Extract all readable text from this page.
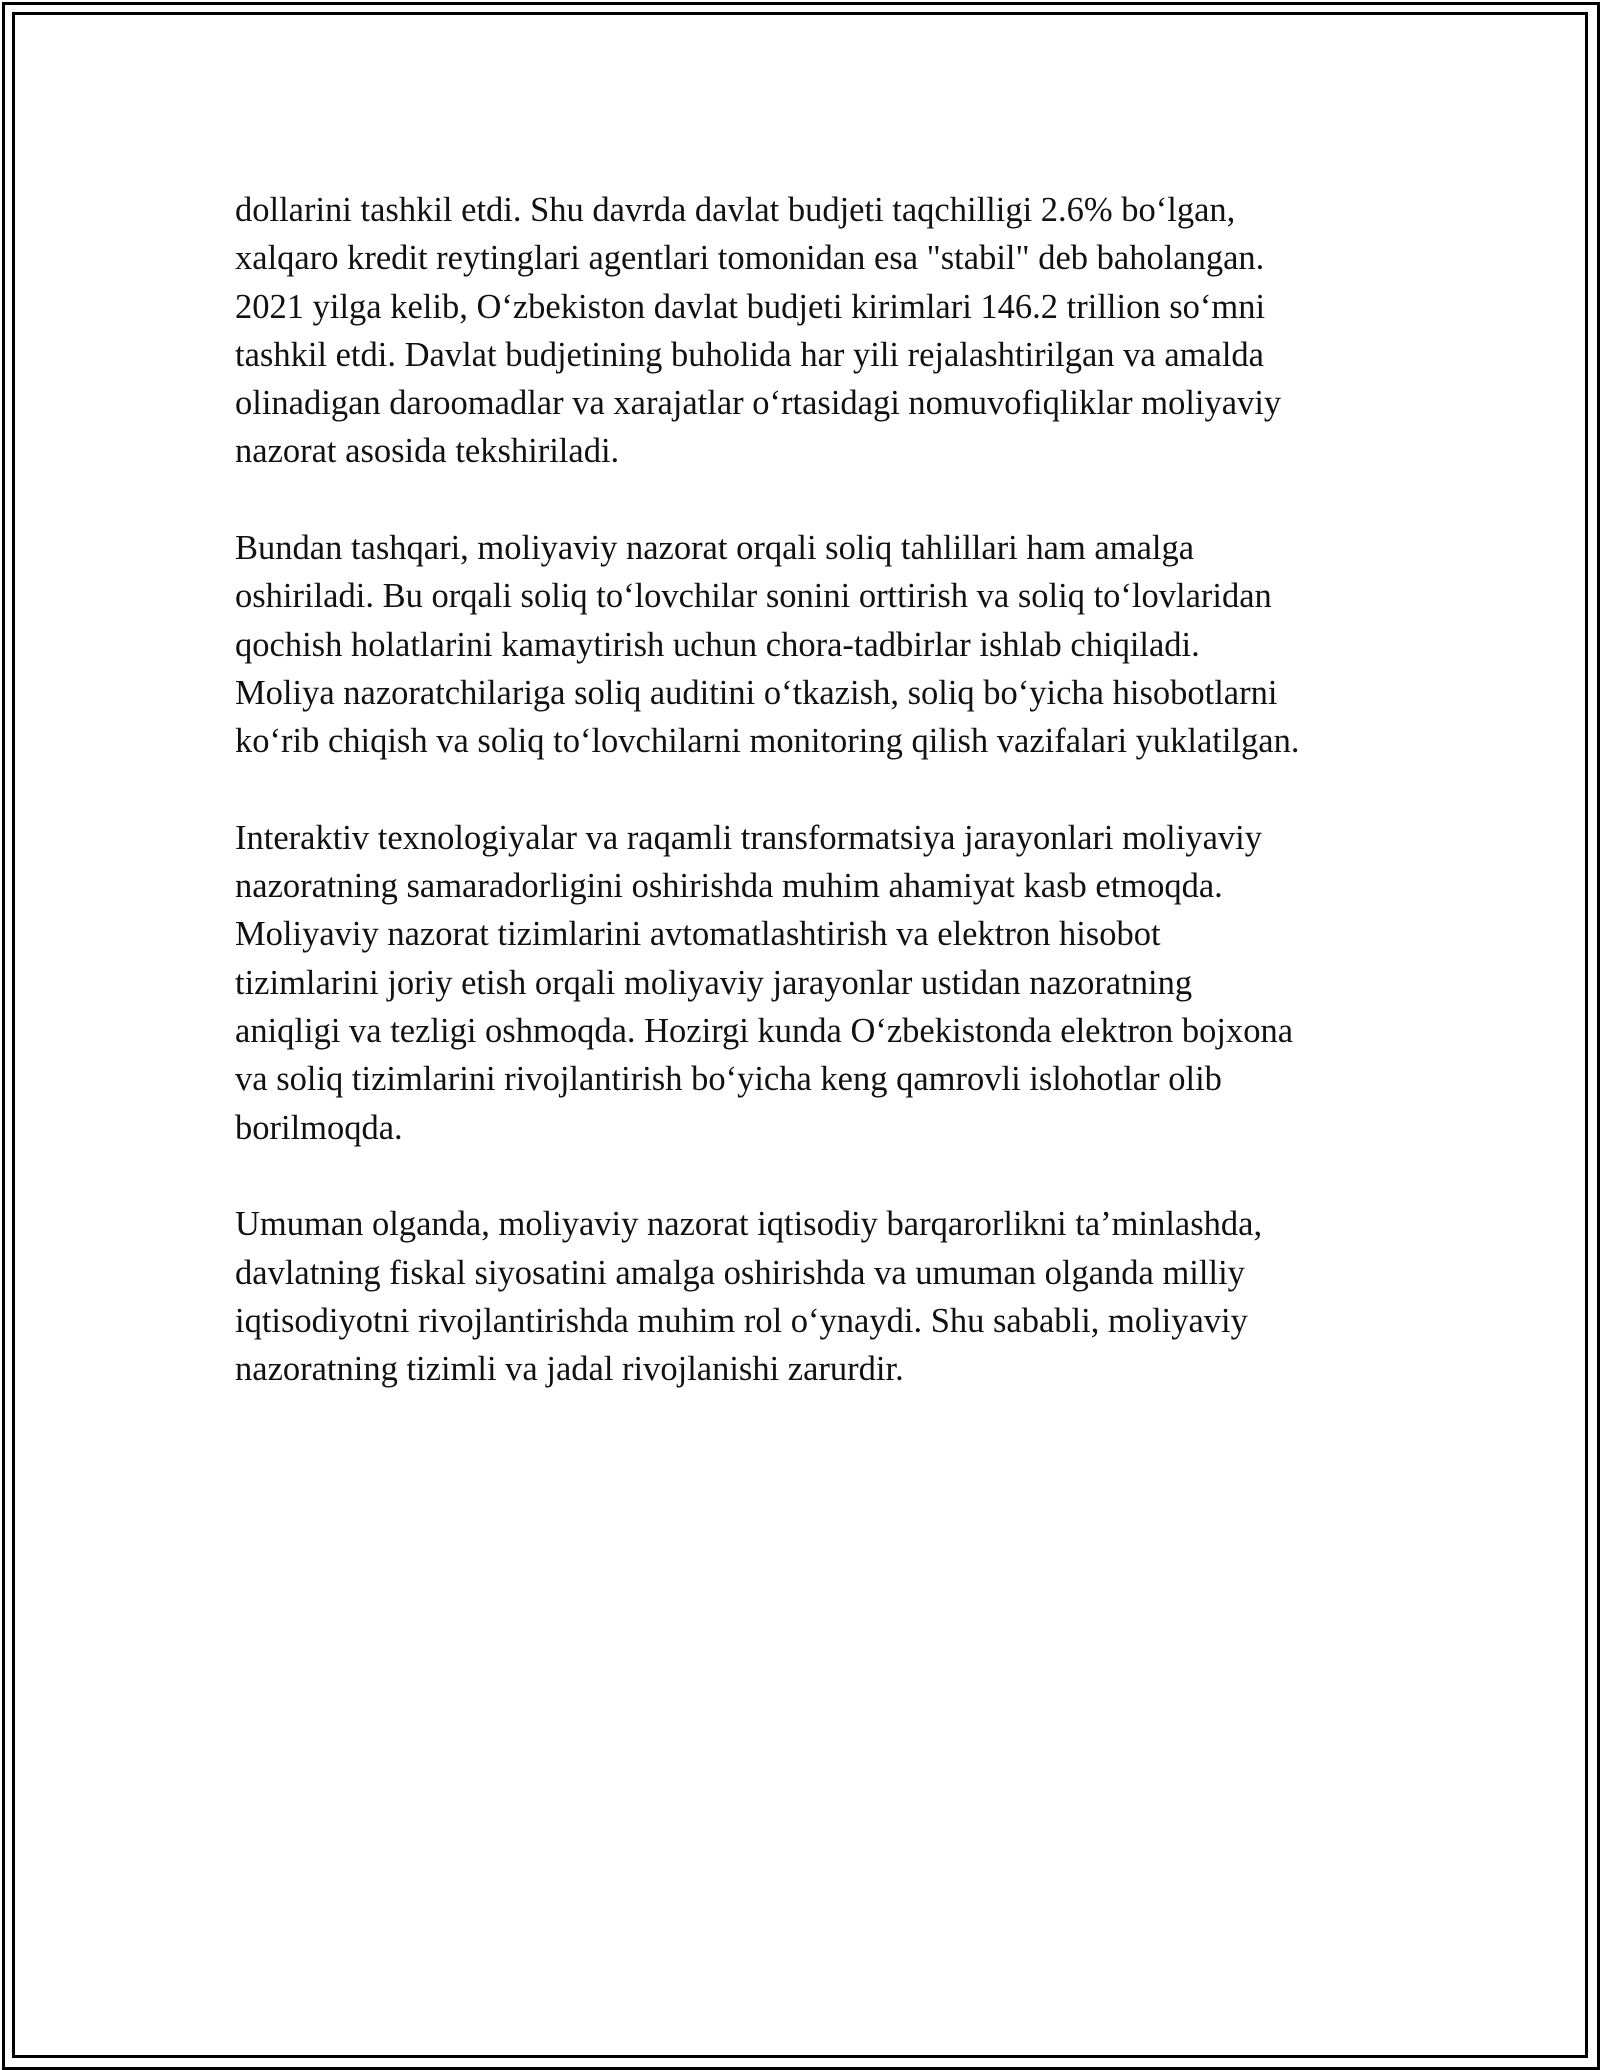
dollarini tashkil etdi. Shu davrda davlat budjeti taqchilligi 2.6% bo‘lgan,
xalqaro kredit reytinglari agentlari tomonidan esa "stabil" deb baholangan.
2021 yilga kelib, O‘zbekiston davlat budjeti kirimlari 146.2 trillion so‘mni
tashkil etdi. Davlat budjetining buholida har yili rejalashtirilgan va amalda
olinadigan daroomadlar va xarajatlar o‘rtasidagi nomuvofiqliklar moliyaviy
nazorat asosida tekshiriladi.

Bundan tashqari, moliyaviy nazorat orqali soliq tahlillari ham amalga
oshiriladi. Bu orqali soliq to‘lovchilar sonini orttirish va soliq to‘lovlaridan
qochish holatlarini kamaytirish uchun chora-tadbirlar ishlab chiqiladi.
Moliya nazoratchilariga soliq auditini o‘tkazish, soliq bo‘yicha hisobotlarni
ko‘rib chiqish va soliq to‘lovchilarni monitoring qilish vazifalari yuklatilgan.

Interaktiv texnologiyalar va raqamli transformatsiya jarayonlari moliyaviy
nazoratning samaradorligini oshirishda muhim ahamiyat kasb etmoqda.
Moliyaviy nazorat tizimlarini avtomatlashtirish va elektron hisobot
tizimlarini joriy etish orqali moliyaviy jarayonlar ustidan nazoratning
aniqligi va tezligi oshmoqda. Hozirgi kunda O‘zbekistonda elektron bojxona
va soliq tizimlarini rivojlantirish bo‘yicha keng qamrovli islohotlar olib
borilmoqda.

Umuman olganda, moliyaviy nazorat iqtisodiy barqarorlikni ta’minlashda,
davlatning fiskal siyosatini amalga oshirishda va umuman olganda milliy
iqtisodiyotni rivojlantirishda muhim rol o‘ynaydi. Shu sababli, moliyaviy
nazoratning tizimli va jadal rivojlanishi zarurdir.
